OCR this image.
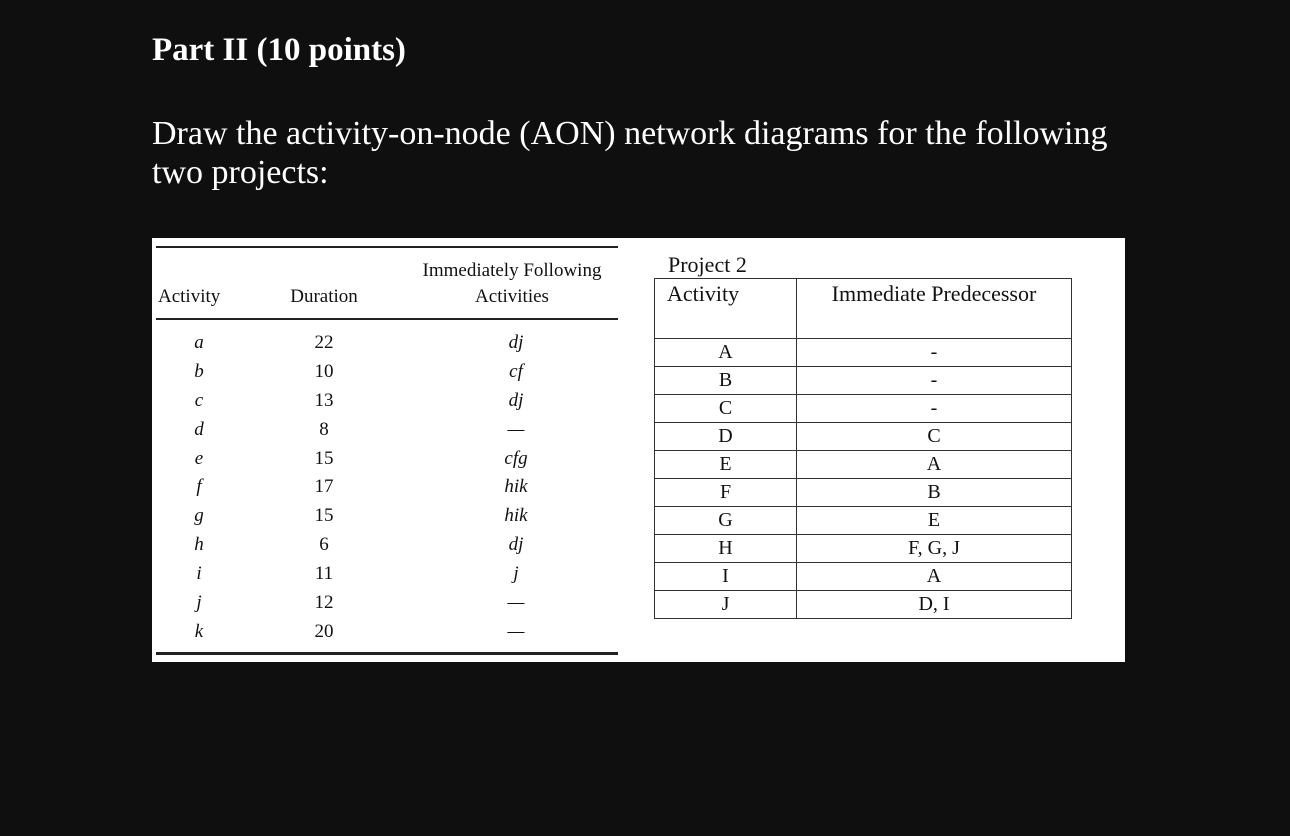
Part II (10 points)

Draw the activity-on-node (AON) network diagrams for the following two projects:

Activity	Duration
Immediately Following
Activities
a	22	dj
b	10	cf
c	13	dj
d	8	—
e	15	cfg
f	17	hik
g	15	hik
h	6	dj
i	11	j
j	12	—
k	20	—
Project 2
Activity	Immediate Predecessor
A	-
B	-
C	-
D	C
E	A
F	B
G	E
H	F, G, J
I	A
J	D, I
